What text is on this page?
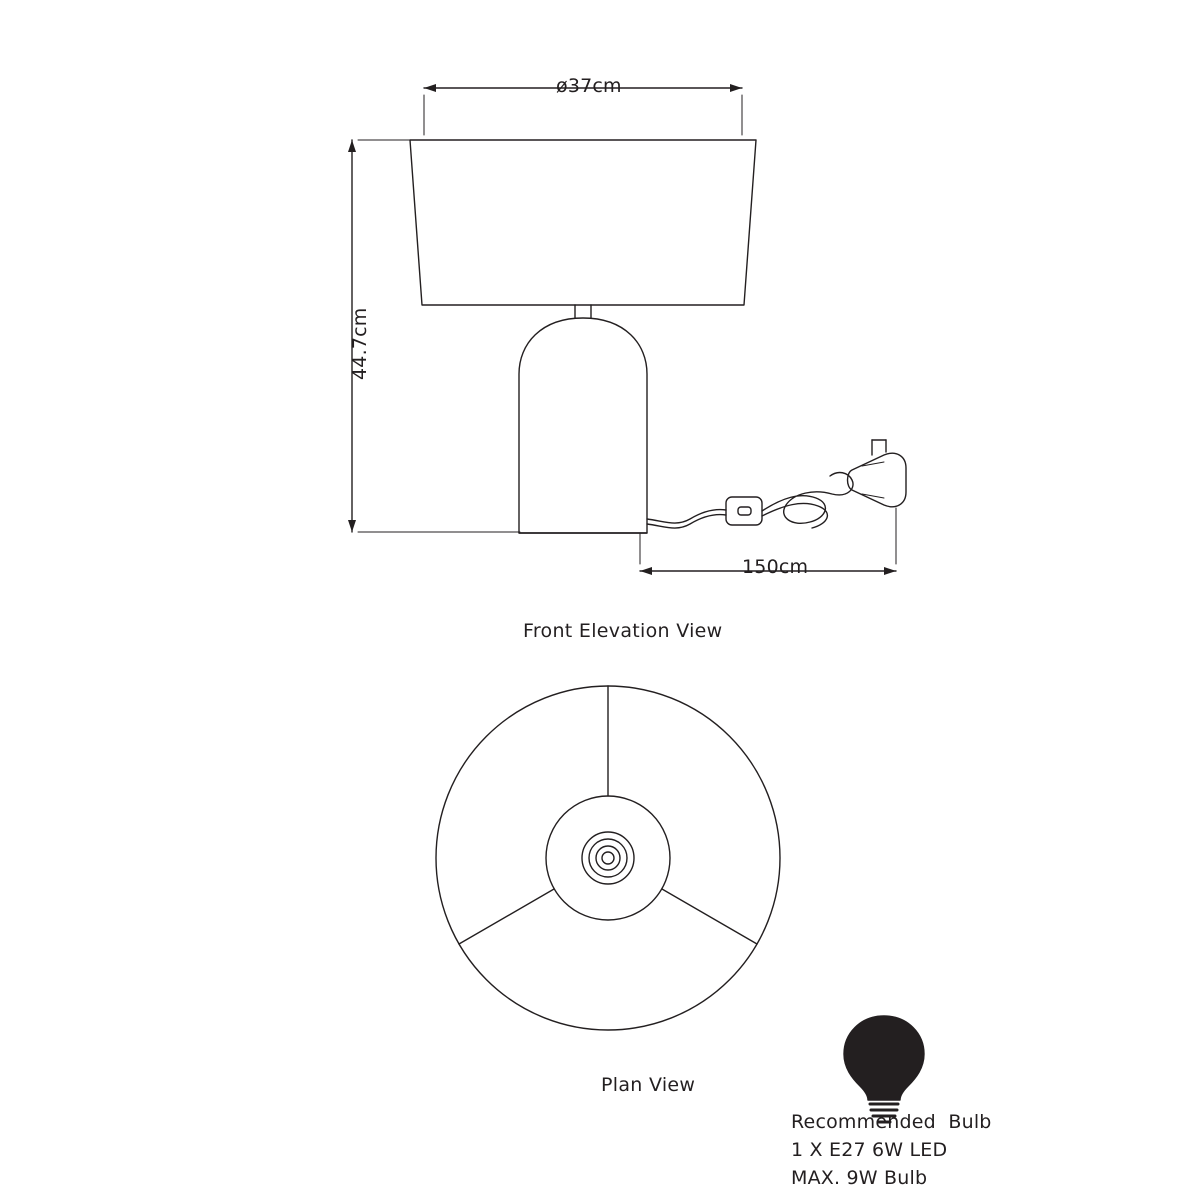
ø37cm
44.7cm
150cm
Front Elevation View
Plan View
Recommended  Bulb
1 X E27 6W LED
MAX. 9W Bulb
